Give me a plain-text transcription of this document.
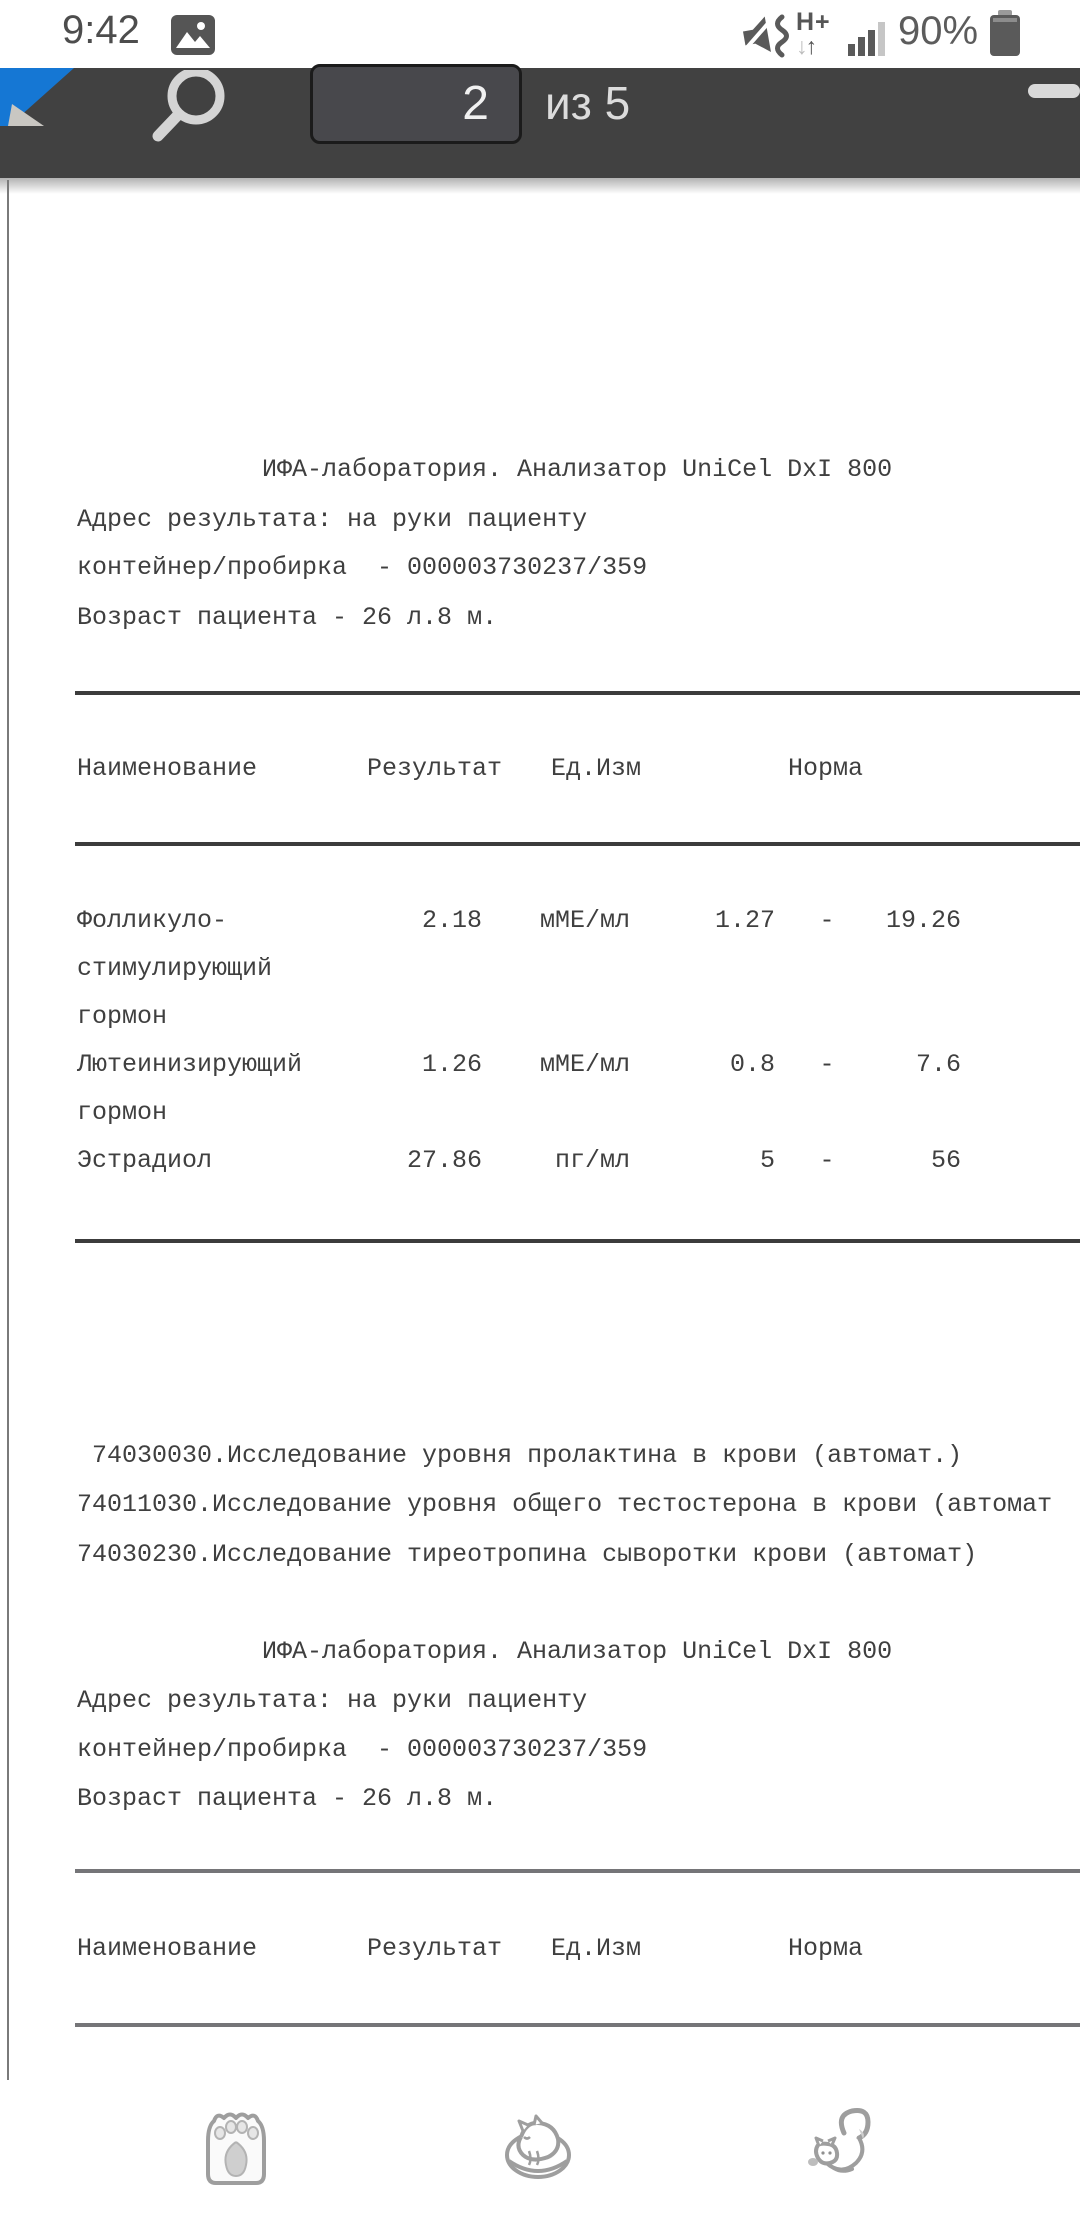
9:42	H+
↓↑	90%
2	из 5
ИФА-лаборатория. Анализатор UniCel DxI 800
Адрес результата: на руки пациенту
контейнер/пробирка  - 000003730237/359
Возраст пациента - 26 л.8 м.
Наименование	Результат Ед.Изм	Норма
Фолликуло-	2.18	мМЕ/мл	1.27 -	19.26
стимулирующий
гормон
Лютеинизирующий	1.26	мМЕ/мл	0.8 -	7.6
гормон
Эстрадиол	27.86	пг/мл	5 -	56
74030030.Исследование уровня пролактина в крови (автомат.)
74011030.Исследование уровня общего тестостерона в крови (автомат
74030230.Исследование тиреотропина сыворотки крови (автомат)
ИФА-лаборатория. Анализатор UniCel DxI 800
Адрес результата: на руки пациенту
контейнер/пробирка  - 000003730237/359
Возраст пациента - 26 л.8 м.
Наименование	Результат Ед.Изм	Норма
